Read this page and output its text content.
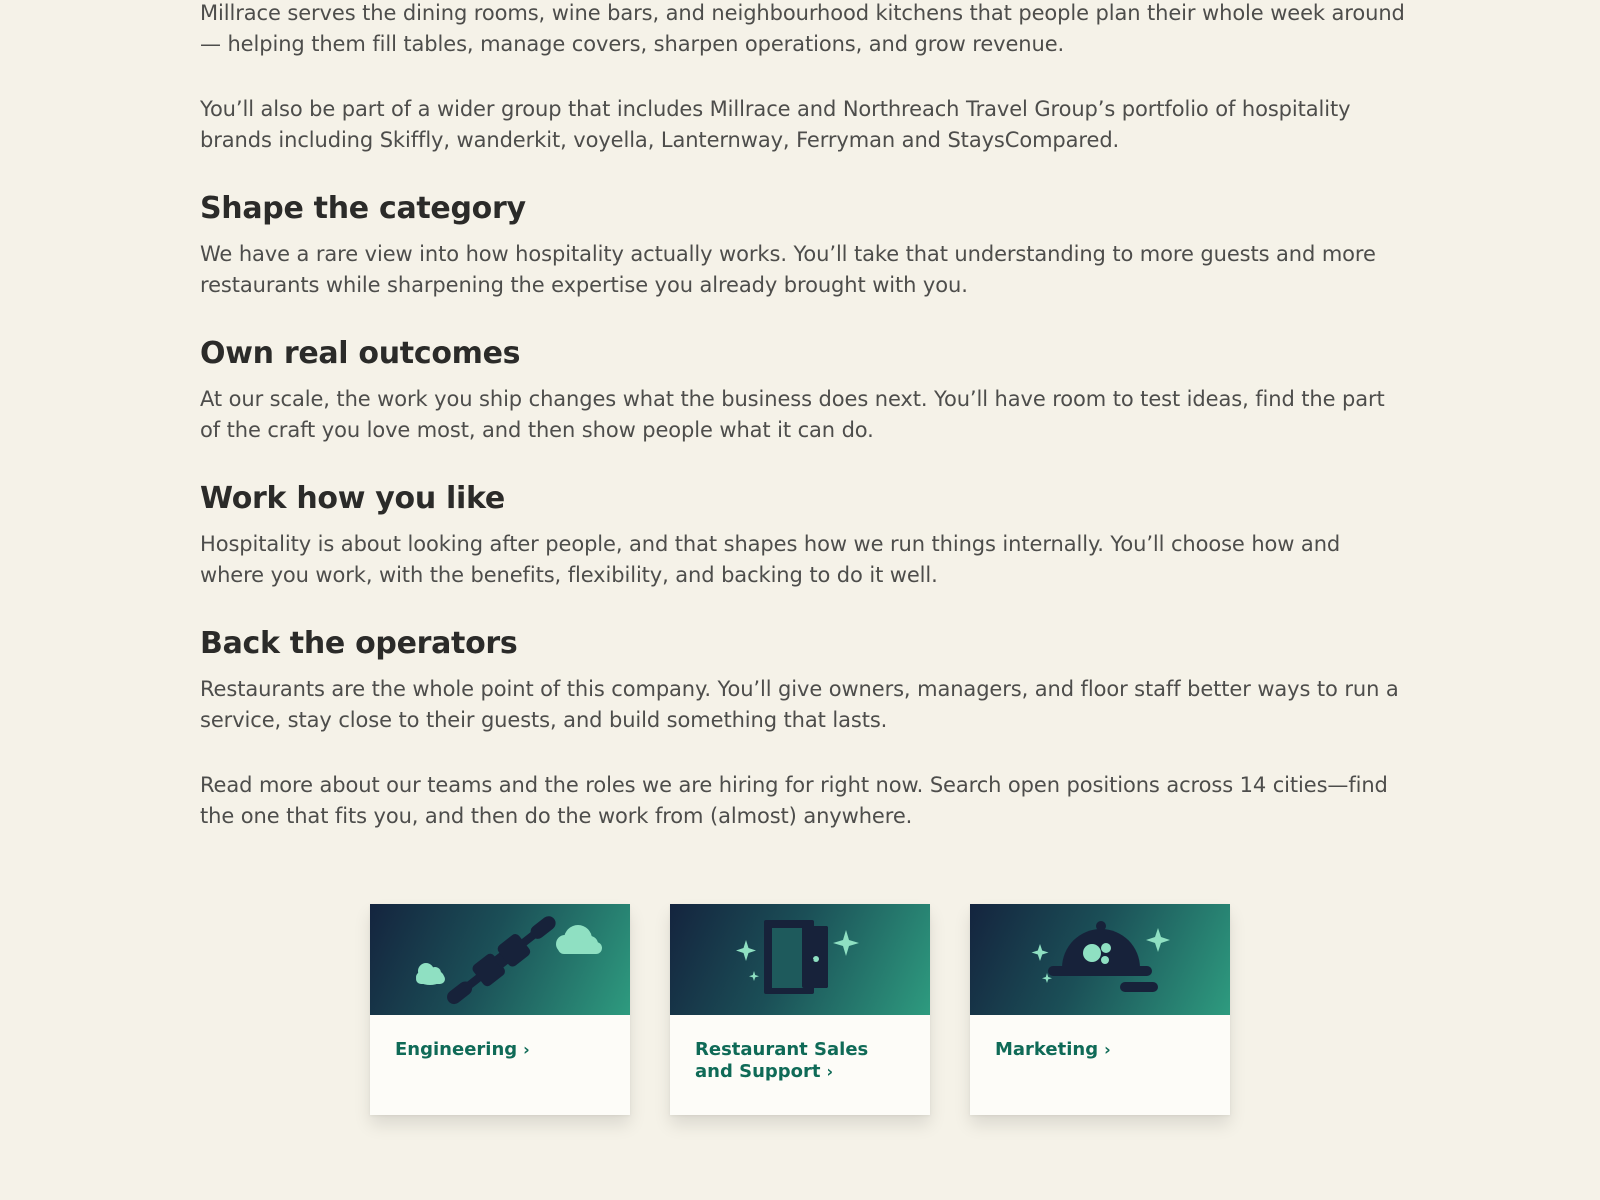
Millrace serves the dining rooms, wine bars, and neighbourhood kitchens that people plan their whole week around — helping them fill tables, manage covers, sharpen operations, and grow revenue.

You’ll also be part of a wider group that includes Millrace and Northreach Travel Group’s portfolio of hospitality brands including Skiffly, wanderkit, voyella, Lanternway, Ferryman and StaysCompared.

Shape the category

We have a rare view into how hospitality actually works. You’ll take that understanding to more guests and more restaurants while sharpening the expertise you already brought with you.

Own real outcomes

At our scale, the work you ship changes what the business does next. You’ll have room to test ideas, find the part of the craft you love most, and then show people what it can do.

Work how you like

Hospitality is about looking after people, and that shapes how we run things internally. You’ll choose how and where you work, with the benefits, flexibility, and backing to do it well.

Back the operators

Restaurants are the whole point of this company. You’ll give owners, managers, and floor staff better ways to run a service, stay close to their guests, and build something that lasts.

Read more about our teams and the roles we are hiring for right now. Search open positions across 14 cities—find the one that fits you, and then do the work from (almost) anywhere.

Engineering ›	Restaurant Sales and Support ›
Marketing ›
